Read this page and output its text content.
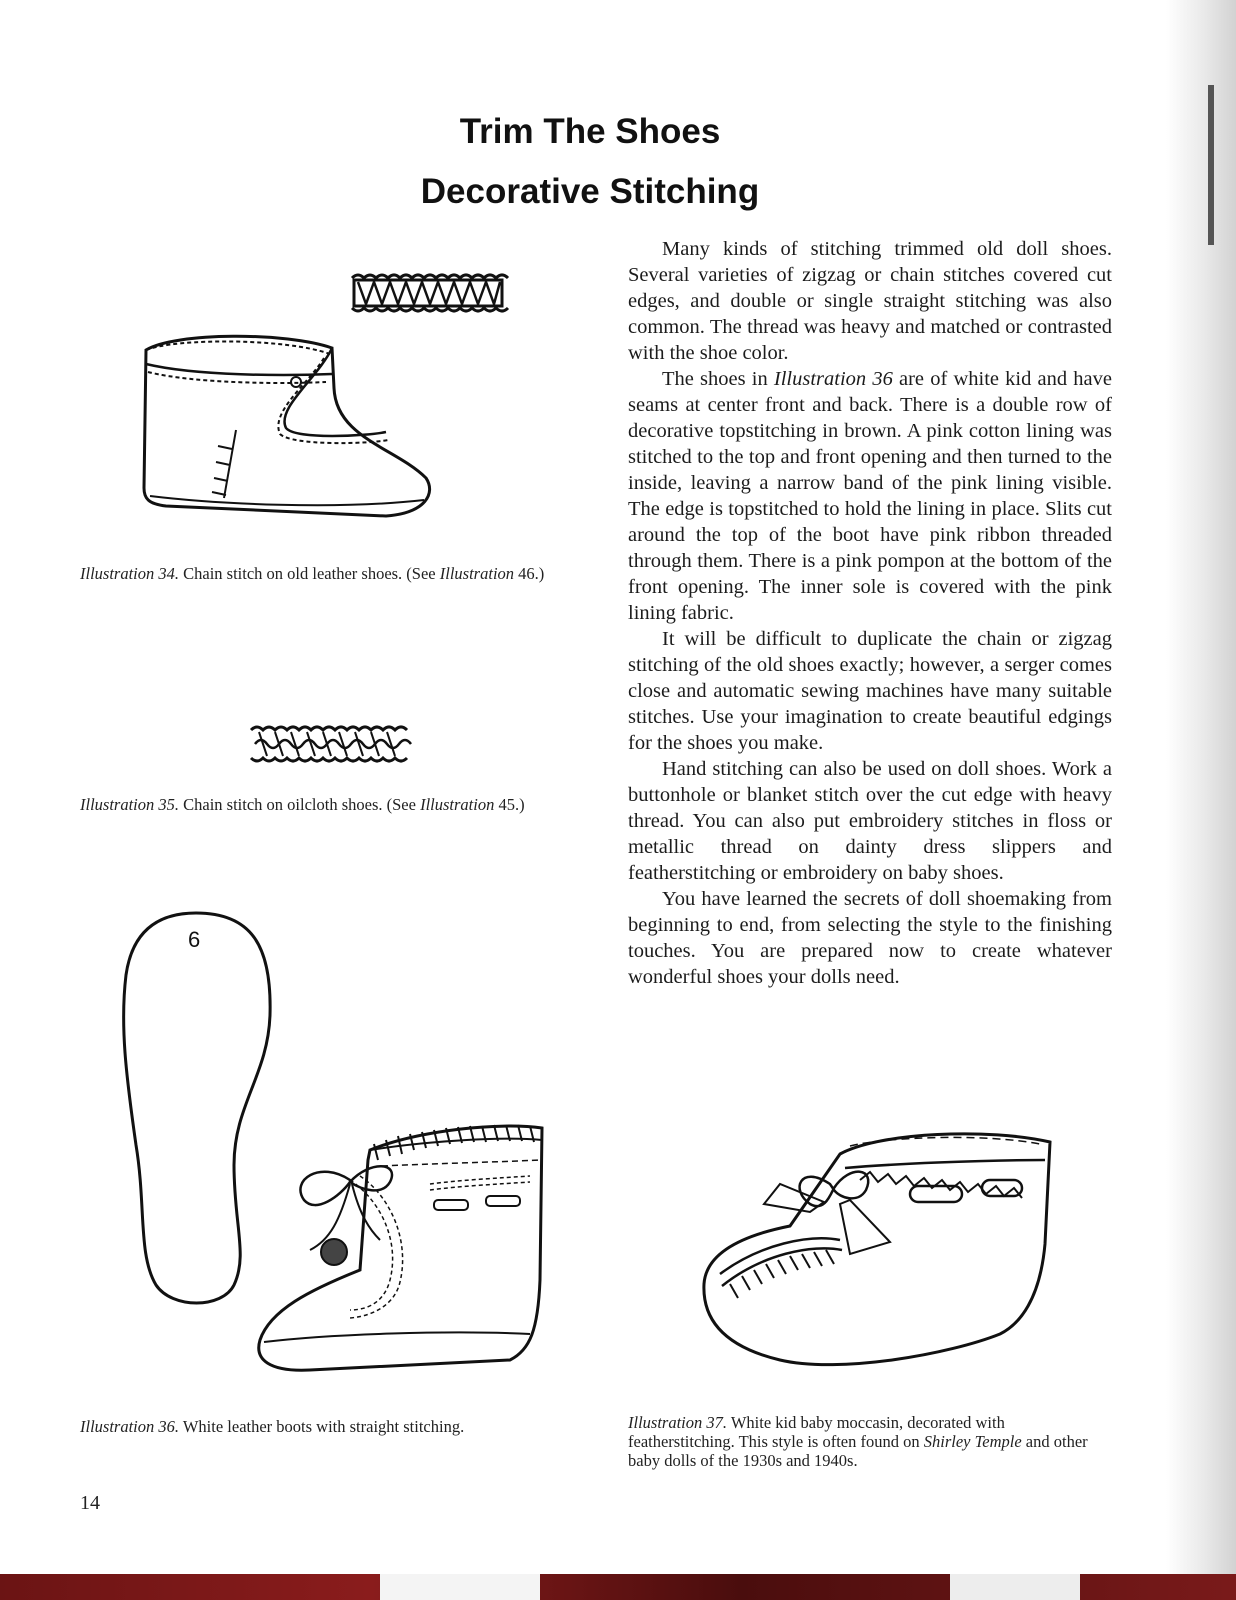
Trim The Shoes
Decorative Stitching
Illustration 34. Chain stitch on old leather shoes. (See Illustration 46.)
Illustration 35. Chain stitch on oilcloth shoes. (See Illustration 45.)
6
Illustration 36. White leather boots with straight stitching.	Illustration 37. White kid baby moccasin, decorated with featherstitching. This style is often found on Shirley Temple and other baby dolls of the 1930s and 1940s.

Many kinds of stitching trimmed old doll shoes. Several varieties of zigzag or chain stitches covered cut edges, and double or single straight stitching was also common. The thread was heavy and matched or contrasted with the shoe color.

The shoes in Illustration 36 are of white kid and have seams at center front and back. There is a double row of decorative topstitching in brown. A pink cotton lining was stitched to the top and front opening and then turned to the inside, leaving a narrow band of the pink lining visible. The edge is topstitched to hold the lining in place. Slits cut around the top of the boot have pink ribbon threaded through them. There is a pink pompon at the bottom of the front opening. The inner sole is covered with the pink lining fabric.

It will be difficult to duplicate the chain or zigzag stitching of the old shoes exactly; however, a serger comes close and automatic sewing machines have many suitable stitches. Use your imagination to create beautiful edgings for the shoes you make.

Hand stitching can also be used on doll shoes. Work a buttonhole or blanket stitch over the cut edge with heavy thread. You can also put embroidery stitches in floss or metallic thread on dainty dress slippers and featherstitching or embroidery on baby shoes.

You have learned the secrets of doll shoemaking from beginning to end, from selecting the style to the finishing touches. You are prepared now to create whatever wonderful shoes your dolls need.

14
